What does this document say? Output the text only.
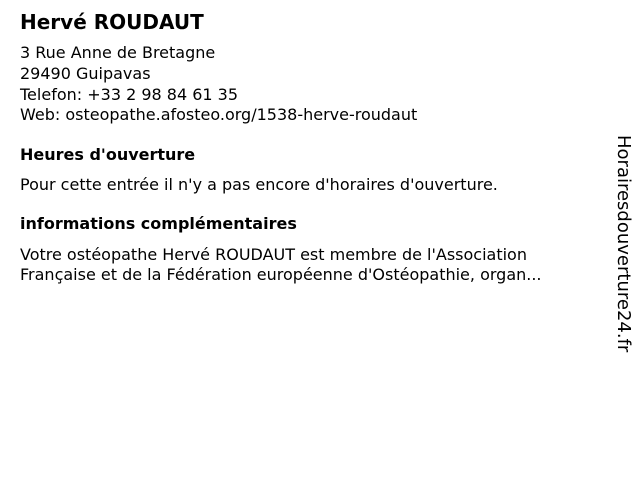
Hervé ROUDAUT

3 Rue Anne de Bretagne

29490 Guipavas

Telefon: +33 2 98 84 61 35

Web: osteopathe.afosteo.org/1538-herve-roudaut

Heures d'ouverture

Pour cette entrée il n'y a pas encore d'horaires d'ouverture.

informations complémentaires

Votre ostéopathe Hervé ROUDAUT est membre de l'Association

Française et de la Fédération européenne d'Ostéopathie, organ...	Horairesdouverture24.fr
